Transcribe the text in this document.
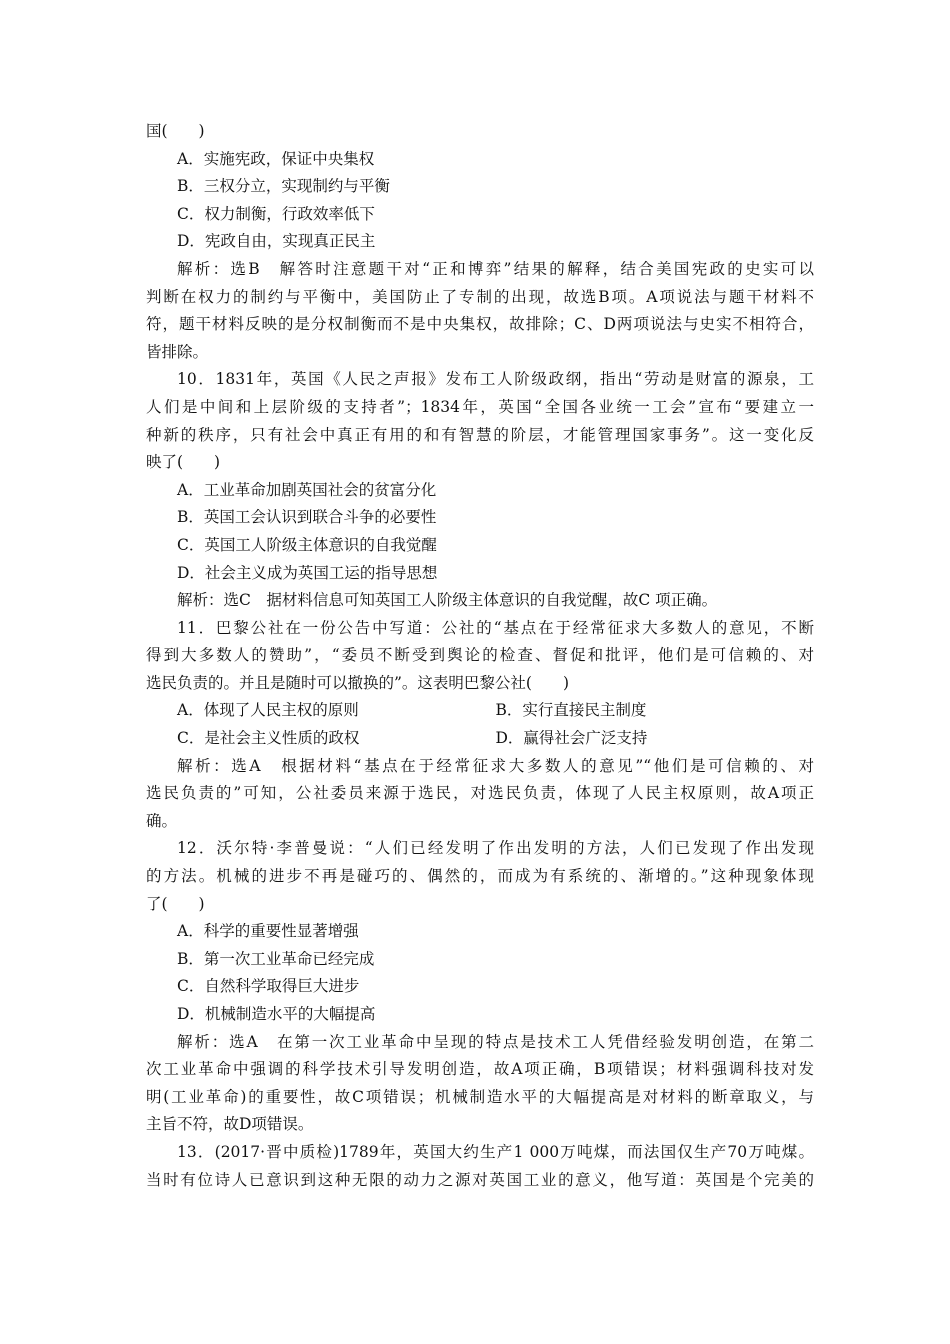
国(　　)
A．实施宪政，保证中央集权
B．三权分立，实现制约与平衡
C．权力制衡，行政效率低下
D．宪政自由，实现真正民主
解析：选B　解答时注意题干对“正和博弈”结果的解释，结合美国宪政的史实可以
判断在权力的制约与平衡中，美国防止了专制的出现，故选B项。A项说法与题干材料不
符，题干材料反映的是分权制衡而不是中央集权，故排除；C、D两项说法与史实不相符合，
皆排除。
10．1831年，英国《人民之声报》发布工人阶级政纲，指出“劳动是财富的源泉，工
人们是中间和上层阶级的支持者”；1834年，英国“全国各业统一工会”宣布“要建立一
种新的秩序，只有社会中真正有用的和有智慧的阶层，才能管理国家事务”。这一变化反
映了(　　)
A．工业革命加剧英国社会的贫富分化
B．英国工会认识到联合斗争的必要性
C．英国工人阶级主体意识的自我觉醒
D．社会主义成为英国工运的指导思想
解析：选C　据材料信息可知英国工人阶级主体意识的自我觉醒，故C 项正确。
11．巴黎公社在一份公告中写道：公社的“基点在于经常征求大多数人的意见，不断
得到大多数人的赞助”，“委员不断受到舆论的检查、督促和批评，他们是可信赖的、对
选民负责的。并且是随时可以撤换的”。这表明巴黎公社(　　)
A．体现了人民主权的原则	B．实行直接民主制度
C．是社会主义性质的政权	D．赢得社会广泛支持
解析：选A　根据材料“基点在于经常征求大多数人的意见”“他们是可信赖的、对
选民负责的”可知，公社委员来源于选民，对选民负责，体现了人民主权原则，故A项正
确。
12．沃尔特·李普曼说：“人们已经发明了作出发明的方法，人们已发现了作出发现
的方法。机械的进步不再是碰巧的、偶然的，而成为有系统的、渐增的。”这种现象体现
了(　　)
A．科学的重要性显著增强
B．第一次工业革命已经完成
C．自然科学取得巨大进步
D．机械制造水平的大幅提高
解析：选A　在第一次工业革命中呈现的特点是技术工人凭借经验发明创造，在第二
次工业革命中强调的科学技术引导发明创造，故A项正确，B项错误；材料强调科技对发
明(工业革命)的重要性，故C项错误；机械制造水平的大幅提高是对材料的断章取义，与
主旨不符，故D项错误。
13．(2017·晋中质检)1789年，英国大约生产1 000万吨煤，而法国仅生产70万吨煤。
当时有位诗人已意识到这种无限的动力之源对英国工业的意义，他写道：英国是个完美的
